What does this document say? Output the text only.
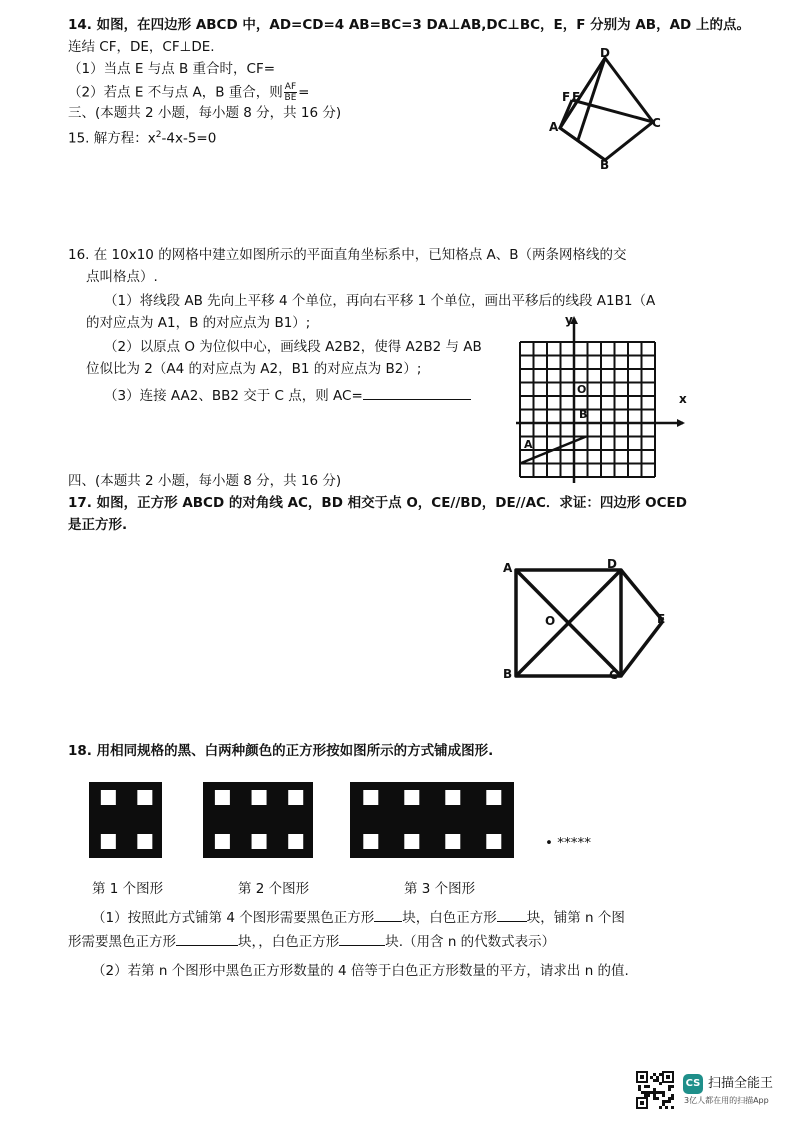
14. 如图，在四边形 ABCD 中，AD=CD=4 AB=BC=3 DA⊥AB,DC⊥BC，E，F 分别为 AB，AD 上的点。
连结 CF，DE，CF⊥DE.
（1）当点 E 与点 B 重合时，CF=
（2）若点 E 不与点 A，B 重合，则 $\frac{AF}{BE}$ =
D
F E
A	C
B
三、(本题共 2 小题，每小题 8 分，共 16 分)
15. 解方程：$x^2-4x-5=0$
16. 在 10x10 的网格中建立如图所示的平面直角坐标系中，已知格点 A、B（两条网格线的交
点叫格点）.
（1）将线段 AB 先向上平移 4 个单位，再向右平移 1 个单位，画出平移后的线段 A1B1（A
的对应点为 A1，B 的对应点为 B1）;
（2）以原点 O 为位似中心，画线段 A2B2，使得 A2B2 与 AB
位似比为 2（A4 的对应点为 A2，B1 的对应点为 B2）;
（3）连接 AA2、BB2 交于 C 点，则 AC=
y
x
O
B
A
四、(本题共 2 小题，每小题 8 分，共 16 分)
17. 如图，正方形 ABCD 的对角线 AC，BD 相交于点 O，CE//BD，DE//AC．求证：四边形 OCED
是正方形.
A	D
O	E
B	C
18. 用相同规格的黑、白两种颜色的正方形按如图所示的方式铺成图形.
• *****
第 1 个图形	第 2 个图形	第 3 个图形
（1）按照此方式铺第 4 个图形需要黑色正方形 块，白色正方形 块，铺第 n 个图
形需要黑色正方形	块，，白色正方形	块.（用含 n 的代数式表示）
（2）若第 n 个图形中黑色正方形数量的 4 倍等于白色正方形数量的平方，请求出 n 的值.
CS 扫描全能王
3亿人都在用的扫描App
